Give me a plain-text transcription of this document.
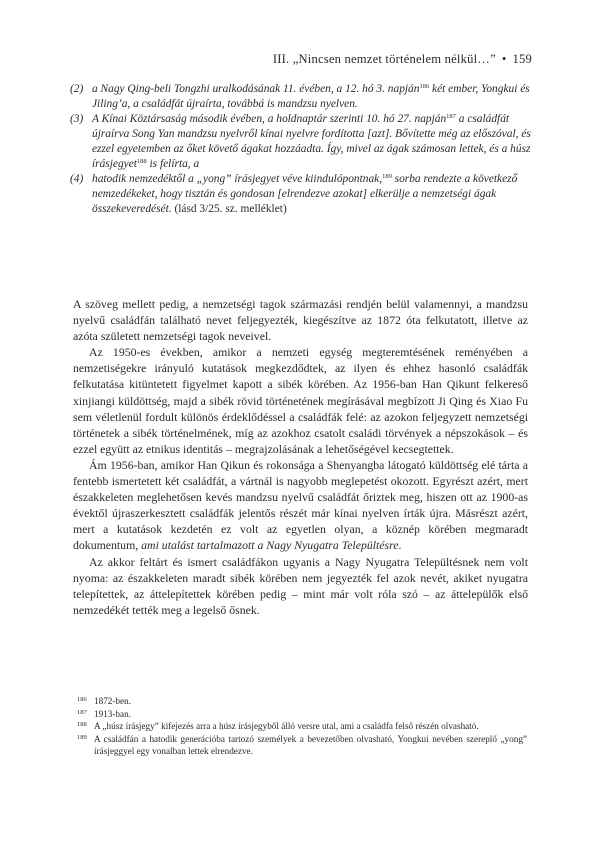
III. „Nincsen nemzet történelem nélkül…” • 159
(2) a Nagy Qing-beli Tongzhi uralkodásának 11. évében, a 12. hó 3. napján$^{186}$ két ember, Yongkui és Jiling’a, a családfát újraírta, továbbá is mandzsu nyelven.
(3) A Kínai Köztársaság második évében, a holdnaptár szerinti 10. hó 27. napján$^{187}$ a családfát újraírva Song Yan mandzsu nyelvről kínai nyelvre fordította [azt]. Bővítette még az előszóval, és ezzel egyetemben az őket követő ágakat hozzáadta. Így, mivel az ágak számosan lettek, és a húsz írásjegyet$^{188}$ is felírta, a
(4) hatodik nemzedéktől a „yong” írásjegyet véve kiindulópontnak,$^{189}$ sorba rendezte a következő nemzedékeket, hogy tisztán és gondosan [elrendezve azokat] elkerülje a nemzetségi ágak összekeveredését. (lásd 3/25. sz. melléklet)

A szöveg mellett pedig, a nemzetségi tagok származási rendjén belül valamennyi, a mandzsu nyelvű családfán található nevet feljegyezték, kiegészítve az 1872 óta felkutatott, illetve az azóta született nemzetségi tagok neveivel.

Az 1950-es években, amikor a nemzeti egység megteremtésének reményében a nemzetiségekre irányuló kutatások megkezdődtek, az ilyen és ehhez hasonló családfák felkutatása kitüntetett figyelmet kapott a sibék körében. Az 1956-ban Han Qikunt felkereső xinjiangi küldöttség, majd a sibék rövid történetének megírásával megbízott Ji Qing és Xiao Fu sem véletlenül fordult különös érdeklődéssel a családfák felé: az azokon feljegyzett nemzetségi történetek a sibék történelmének, míg az azokhoz csatolt családi törvények a népszokások – és ezzel együtt az etnikus identitás – megrajzolásának a lehetőségével kecsegtettek.

Ám 1956-ban, amikor Han Qikun és rokonsága a Shenyangba látogató küldöttség elé tárta a fentebb ismertetett két családfát, a vártnál is nagyobb meglepetést okozott. Egyrészt azért, mert északkeleten meglehetősen kevés mandzsu nyelvű családfát őriztek meg, hiszen ott az 1900-as évektől újraszerkesztett családfák jelentős részét már kínai nyelven írták újra. Másrészt azért, mert a kutatások kezdetén ez volt az egyetlen olyan, a köznép körében megmaradt dokumentum, ami utalást tartalmazott a Nagy Nyugatra Települtésre.

Az akkor feltárt és ismert családfákon ugyanis a Nagy Nyugatra Települtésnek nem volt nyoma: az északkeleten maradt sibék körében nem jegyezték fel azok nevét, akiket nyugatra telepítettek, az áttelepítettek körében pedig – mint már volt róla szó – az áttelepülők első nemzedékét tették meg a legelső ősnek.

186 1872-ben.
187 1913-ban.
188 A „húsz írásjegy” kifejezés arra a húsz írásjegyből álló versre utal, ami a családfa felső részén olvasható.
189 A családfán a hatodik generációba tartozó személyek a bevezetőben olvasható, Yongkui nevében szereplő „yong” írásjeggyel egy vonalban lettek elrendezve.
